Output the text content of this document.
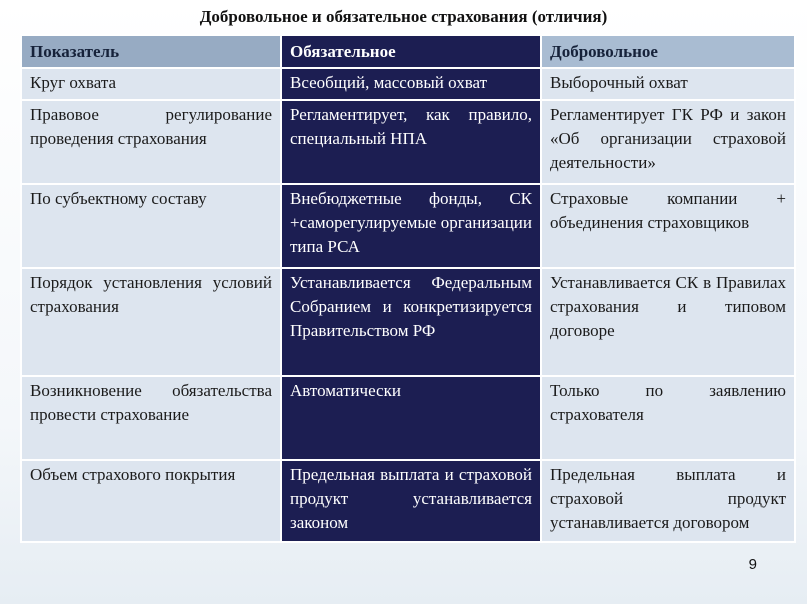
Добровольное и обязательное страхования (отличия)
Показатель	Обязательное	Добровольное
Круг охвата	Всеобщий, массовый охват	Выборочный охват
Правовое регулирование проведения страхования	Регламентирует, как правило, специальный НПА	Регламентирует ГК РФ и закон «Об организации страховой деятельности»
По субъектному составу	Внебюджетные фонды, СК +саморегулируемые организации типа РСА	Страховые компании + объединения страховщиков
Порядок установления условий страхования	Устанавливается Федеральным Собранием и конкретизируется Правительством РФ	Устанавливается СК в Правилах страхования и типовом договоре
Возникновение обязательства провести страхование	Автоматически	Только по заявлению страхователя
Объем страхового покрытия	Предельная выплата и страховой продукт устанавливается законом	Предельная выплата и страховой продукт устанавливается договором
9
